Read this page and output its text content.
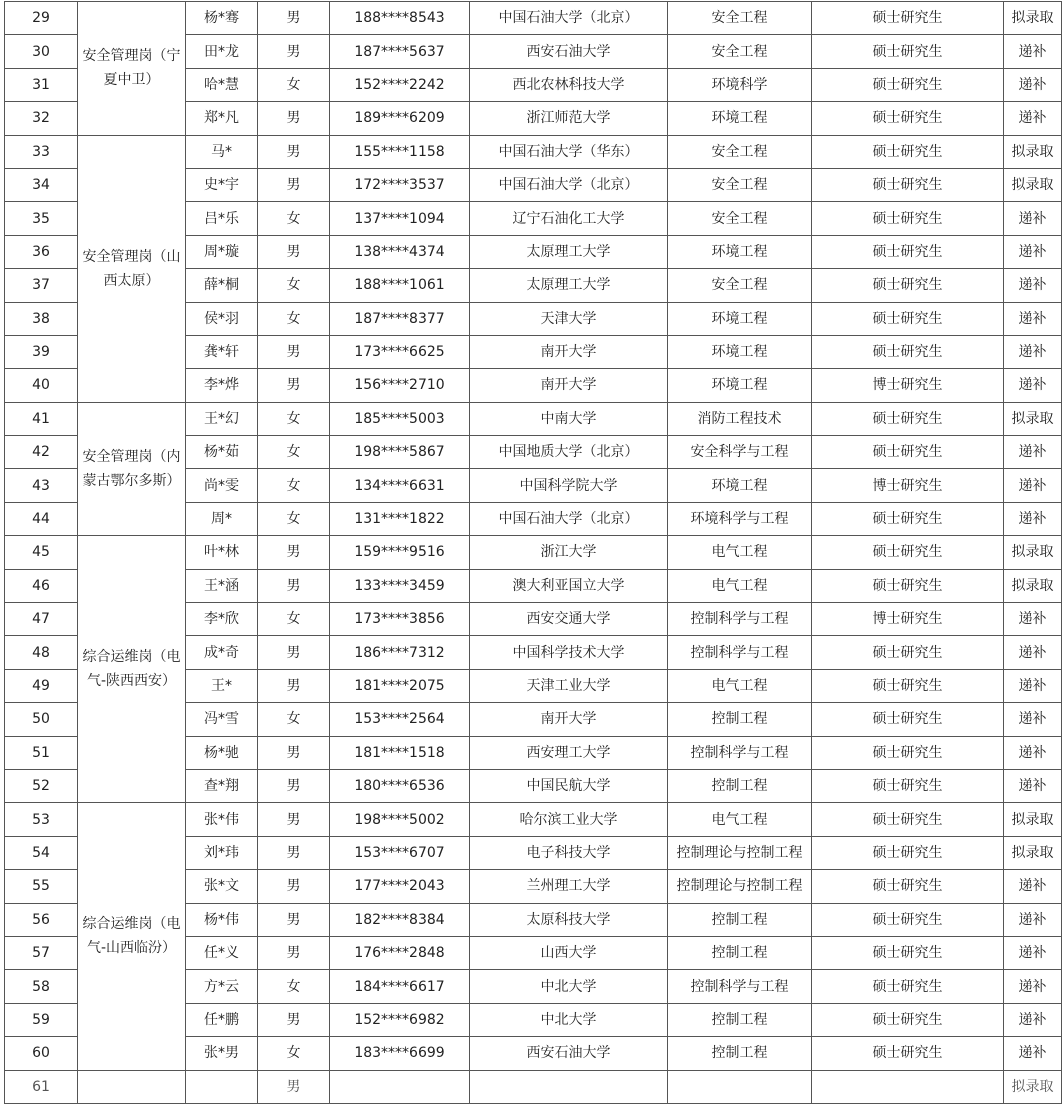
29	安全管理岗（宁夏中卫）	杨*骞	男	188****8543	中国石油大学（北京）	安全工程	硕士研究生	拟录取
30		田*龙	男	187****5637	西安石油大学	安全工程	硕士研究生	递补
31		哈*慧	女	152****2242	西北农林科技大学	环境科学	硕士研究生	递补
32		郑*凡	男	189****6209	浙江师范大学	环境工程	硕士研究生	递补
33	安全管理岗（山西太原）	马*	男	155****1158	中国石油大学（华东）	安全工程	硕士研究生	拟录取
34		史*宇	男	172****3537	中国石油大学（北京）	安全工程	硕士研究生	拟录取
35		吕*乐	女	137****1094	辽宁石油化工大学	安全工程	硕士研究生	递补
36		周*璇	男	138****4374	太原理工大学	环境工程	硕士研究生	递补
37		薛*桐	女	188****1061	太原理工大学	安全工程	硕士研究生	递补
38		侯*羽	女	187****8377	天津大学	环境工程	硕士研究生	递补
39		龚*轩	男	173****6625	南开大学	环境工程	硕士研究生	递补
40		李*烨	男	156****2710	南开大学	环境工程	博士研究生	递补
41	安全管理岗（内蒙古鄂尔多斯）	王*幻	女	185****5003	中南大学	消防工程技术	硕士研究生	拟录取
42		杨*茹	女	198****5867	中国地质大学（北京）	安全科学与工程	硕士研究生	递补
43		尚*雯	女	134****6631	中国科学院大学	环境工程	博士研究生	递补
44		周*	女	131****1822	中国石油大学（北京）	环境科学与工程	硕士研究生	递补
45	综合运维岗（电气-陕西西安）	叶*林	男	159****9516	浙江大学	电气工程	硕士研究生	拟录取
46		王*涵	男	133****3459	澳大利亚国立大学	电气工程	硕士研究生	拟录取
47		李*欣	女	173****3856	西安交通大学	控制科学与工程	博士研究生	递补
48		成*奇	男	186****7312	中国科学技术大学	控制科学与工程	硕士研究生	递补
49		王*	男	181****2075	天津工业大学	电气工程	硕士研究生	递补
50		冯*雪	女	153****2564	南开大学	控制工程	硕士研究生	递补
51		杨*驰	男	181****1518	西安理工大学	控制科学与工程	硕士研究生	递补
52		查*翔	男	180****6536	中国民航大学	控制工程	硕士研究生	递补
53	综合运维岗（电气-山西临汾）	张*伟	男	198****5002	哈尔滨工业大学	电气工程	硕士研究生	拟录取
54		刘*玮	男	153****6707	电子科技大学	控制理论与控制工程	硕士研究生	拟录取
55		张*文	男	177****2043	兰州理工大学	控制理论与控制工程	硕士研究生	递补
56		杨*伟	男	182****8384	太原科技大学	控制工程	硕士研究生	递补
57		任*义	男	176****2848	山西大学	控制工程	硕士研究生	递补
58		方*云	女	184****6617	中北大学	控制科学与工程	硕士研究生	递补
59		任*鹏	男	152****6982	中北大学	控制工程	硕士研究生	递补
60		张*男	女	183****6699	西安石油大学	控制工程	硕士研究生	递补
61			男					拟录取
